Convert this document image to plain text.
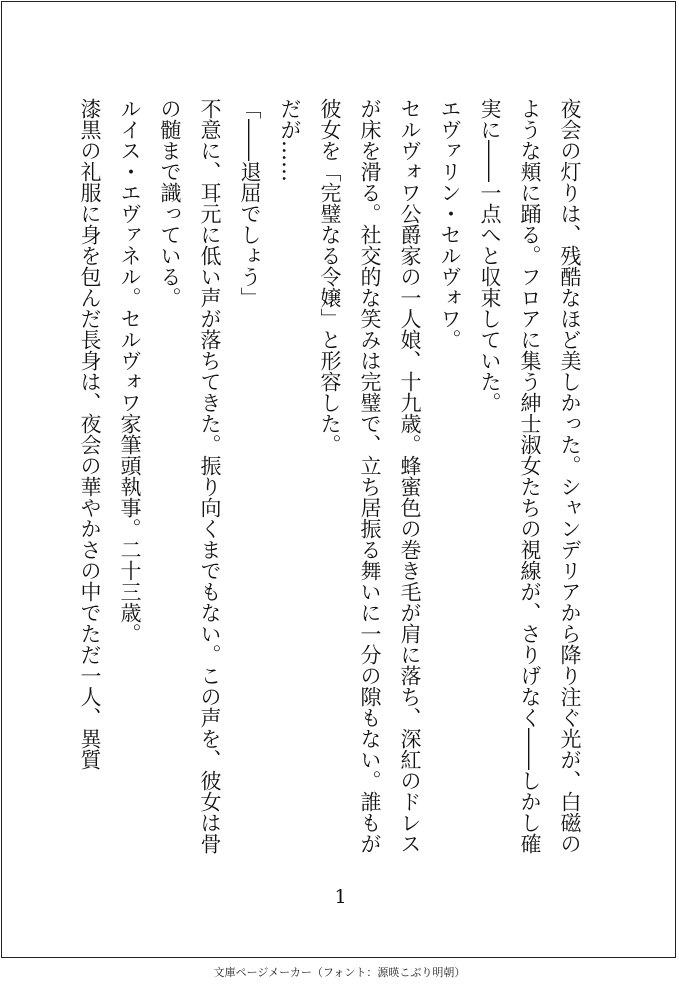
夜会の灯りは、残酷なほど美しかった。シャンデリアから降り注ぐ光が、白磁のような頬に踊る。フロアに集う紳士淑女たちの視線が、さりげなく――しかし確実に――一点へと収束していた。

エヴァリン・セルヴォワ。

セルヴォワ公爵家の一人娘、十九歳。蜂蜜色の巻き毛が肩に落ち、深紅のドレスが床を滑る。社交的な笑みは完璧で、立ち居振る舞いに一分の隙もない。誰もが彼女を「完璧なる令嬢」と形容した。

だが……

「――退屈でしょう」

不意に、耳元に低い声が落ちてきた。振り向くまでもない。この声を、彼女は骨の髄まで識っている。

ルイス・エヴァネル。セルヴォワ家筆頭執事。二十三歳。

漆黒の礼服に身を包んだ長身は、夜会の華やかさの中でただ一人、異質

1
文庫ページメーカー（フォント：源暎こぶり明朝）
